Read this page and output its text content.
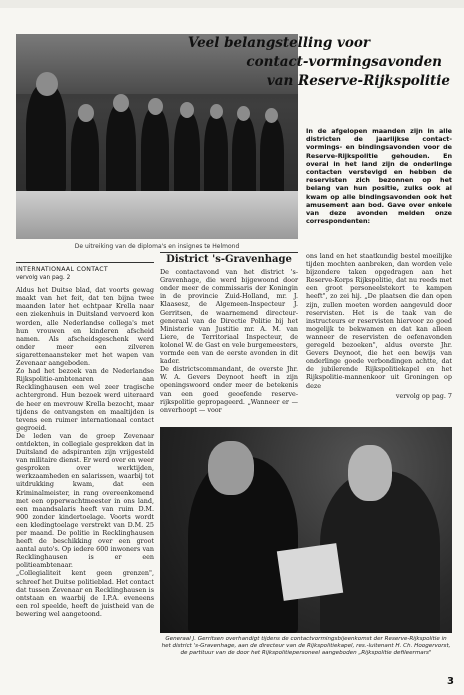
De uitreiking van de diploma's en insignes te Helmond
Veel belangstelling voor
contact-vormingsavonden
van Reserve-Rijkspolitie

In de afgelopen maanden zijn in alle districten de jaarlijkse contact- vormings- en bindingsavonden voor de Reserve-Rijkspolitie gehouden. En overal in het land zijn de onderlinge contacten verstevigd en hebben de reservisten zich bezonnen op het belang van hun positie, zulks ook al kwam op alle bindingsavonden ook het amusement aan bod. Gave over enkele van deze avonden melden onze correspondenten:

INTERNATIONAAL CONTACT
vervolg van pag. 2

Aldus het Duitse blad, dat voorts gewag maakt van het feit, dat ten bijna twee maanden later het echtpaar Krella naar een ziekenhuis in Duitsland vervoerd kon worden, alle Nederlandse collega's met hun vrouwen en kinderen afscheid namen. Als afscheidsgeschenk werd onder meer een zilveren sigarettenaansteker met het wapen van Zevenaar aangeboden.

Zo had het bezoek van de Nederlandse Rijkspolitie-ambtenaren aan Recklinghausen een wel zeer tragische achtergrond. Hun bezoek werd uiteraard de heer en mevrouw Krella bezocht, maar tijdens de ontvangsten en maaltijden is tevens een ruimer internationaal contact gegroeid.

De leden van de groep Zevenaar ontdekten, in collegiale gesprekken dat in Duitsland de adspiranten zijn vrijgesteld van militaire dienst. Er werd over en weer gesproken over werktijden, werkzaamheden en salarissen, waarbij tot uitdrukking kwam, dat een Kriminalmeister, in rang overeenkomend met een opperwachtmeester in ons land, een maandsalaris heeft van ruim D.M. 900 zonder kindertoelage. Voorts wordt een kledingtoelage verstrekt van D.M. 25 per maand. De politie in Recklinghausen heeft de beschikking over een groot aantal auto's. Op iedere 600 inwoners van Recklinghausen is er een politieambtenaar.

„Collegialiteit kent geen grenzen", schreef het Duitse politieblad. Het contact dat tussen Zevenaar en Recklinghausen is ontstaan en waarbij de I.P.A. eveneens een rol speelde, heeft de juistheid van de bewering wel aangetoond.

District 's-Gravenhage

De contactavond van het district 's-Gravenhage, die werd bijgewoond door onder meer de commissaris der Koningin in de provincie Zuid-Holland, mr. J. Klaasesz, de Algemeen-Inspecteur J. Gerritsen, de waarnemend directeur-generaal van de Directie Politie bij het Ministerie van Justitie mr. A. M. van Liere, de Territoriaal Inspecteur, de kolonel W. de Gast en vele burgemeesters, vormde een van de eerste avonden in dit kader.

De districtscommandant, de overste Jhr. W. A. Gevers Deynoot heeft in zijn openingswoord onder meer de betekenis van een goed geoefende reserve-rijkspolitie gepropageerd. „Wanneer er — onverhoopt — voor

ons land en het staatkundig bestel moeilijke tijden mochten aanbreken, dan worden vele bijzondere taken opgedragen aan het Reserve-Korps Rijkspolitie, dat nu reeds met een groot personeelstekort te kampen heeft", zo zei hij. „De plaatsen die dan open zijn, zullen moeten worden aangevuld door reservisten. Het is de taak van de instructeurs er reservisten hiervoor zo goed mogelijk te bekwamen en dat kan alleen wanneer de reservisten de oefenavonden geregeld bezoeken", aldus overste Jhr. Gevers Deynoot, die het een bewijs van onderlinge goede verbondingen achtte, dat de jubilerende Rijkspolitiekapel en het Rijkspolitie-mannenkoor uit Groningen op deze

vervolg op pag. 7

Generaal J. Gerritsen overhandigt tijdens de contactvormingsbijeenkomst der Reserve-Rijkspolitie in het district 's-Gravenhage, aan de directeur van de Rijkspolitiekapel, res.-luitenant H. Ch. Hoogervorst, de partituur van de door het Rijkspolitiepersoneel aangeboden „Rijkspolitie defileermars"
3
